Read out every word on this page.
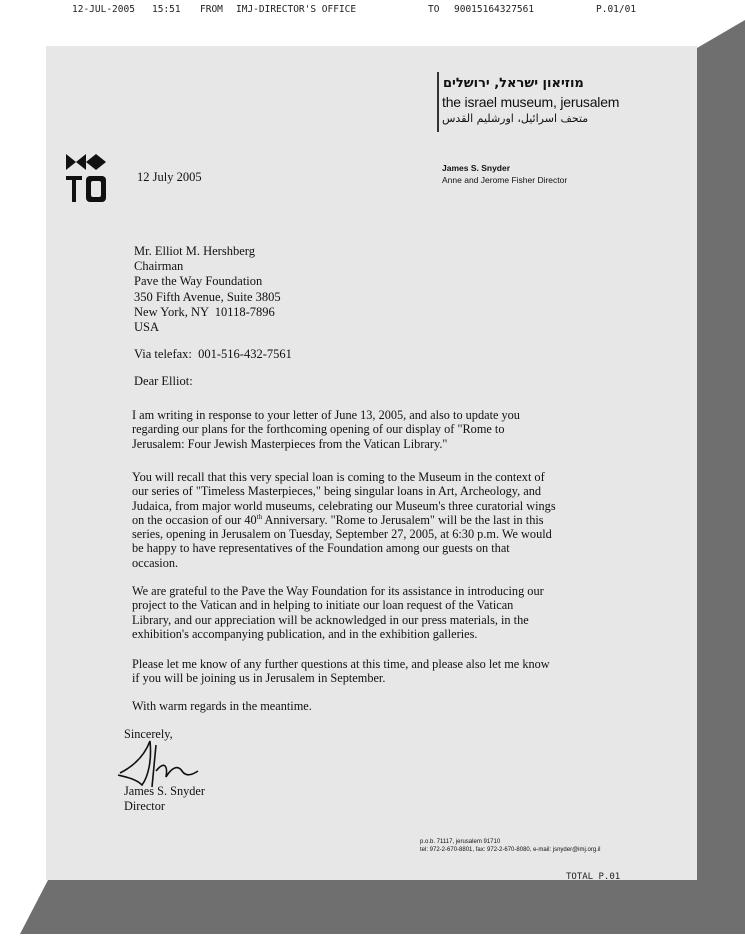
12-JUL-2005 15:51 FROM IMJ-DIRECTOR'S OFFICE	TO 90015164327561	P.01/01
מוזיאון ישראל, ירושלים
the israel museum, jerusalem
متحف اسرائيل، اورشليم القدس
James S. Snyder
Anne and Jerome Fisher Director
12 July 2005
Mr. Elliot M. Hershberg
Chairman
Pave the Way Foundation
350 Fifth Avenue, Suite 3805
New York, NY  10118-7896
USA
Via telefax:  001-516-432-7561
Dear Elliot:
I am writing in response to your letter of June 13, 2005, and also to update you
regarding our plans for the forthcoming opening of our display of "Rome to
Jerusalem: Four Jewish Masterpieces from the Vatican Library."
You will recall that this very special loan is coming to the Museum in the context of
our series of "Timeless Masterpieces," being singular loans in Art, Archeology, and
Judaica, from major world museums, celebrating our Museum's three curatorial wings
on the occasion of our 40th Anniversary. "Rome to Jerusalem" will be the last in this
series, opening in Jerusalem on Tuesday, September 27, 2005, at 6:30 p.m. We would
be happy to have representatives of the Foundation among our guests on that
occasion.
We are grateful to the Pave the Way Foundation for its assistance in introducing our
project to the Vatican and in helping to initiate our loan request of the Vatican
Library, and our appreciation will be acknowledged in our press materials, in the
exhibition's accompanying publication, and in the exhibition galleries.
Please let me know of any further questions at this time, and please also let me know
if you will be joining us in Jerusalem in September.
With warm regards in the meantime.
Sincerely,
James S. Snyder
Director
p.o.b. 71117, jerusalem 91710
tel: 972-2-670-8801, fax: 972-2-670-8080, e-mail: jsnyder@imj.org.il
TOTAL P.01
